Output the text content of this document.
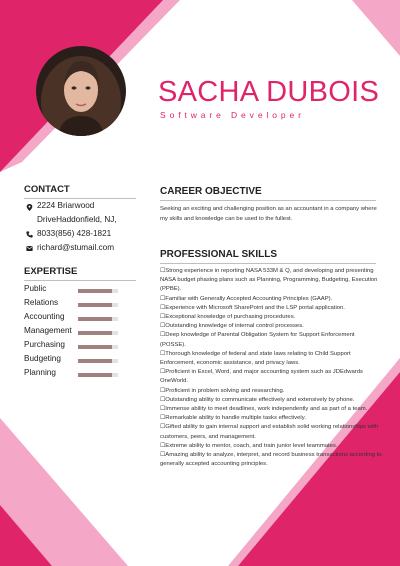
SACHA DUBOIS
Software Developer
CONTACT
2224 Briarwood
DriveHaddonfield, NJ,
8033(856) 428-1821
richard@stumail.com
EXPERTISE
Public
Relations
Accounting
Management
Purchasing
Budgeting
Planning
CAREER OBJECTIVE
Seeking an exciting and challenging position as an accountant in a company where my skills and knowledge can be used to the fullest.
PROFESSIONAL SKILLS
☐Strong experience in reporting NASA 533M & Q, and developing and presenting NASA budget phasing plans such as Planning, Programming, Budgeting, Execution (PPBE).
☐Familiar with Generally Accepted Accounting Principles (GAAP).
☐Experience with Microsoft SharePoint and the LSP portal application.
☐Exceptional knowledge of purchasing procedures.
☐Outstanding knowledge of internal control processes.
☐Deep knowledge of Parental Obligation System for Support Enforcement (POSSE).
☐Thorough knowledge of federal and state laws relating to Child Support Enforcement, economic assistance, and privacy laws.
☐Proficient in Excel, Word, and major accounting system such as JDEdwards OneWorld.
☐Proficient in problem solving and researching.
☐Outstanding ability to communicate effectively and extensively by phone.
☐Immense ability to meet deadlines, work independently and as part of a team.
☐Remarkable ability to handle multiple tasks effectively.
☐Gifted ability to gain internal support and establish solid working relationships with customers, peers, and management.
☐Extreme ability to mentor, coach, and train junior level teammates.
☐Amazing ability to analyze, interpret, and record business transactions according to generally accepted accounting principles.
